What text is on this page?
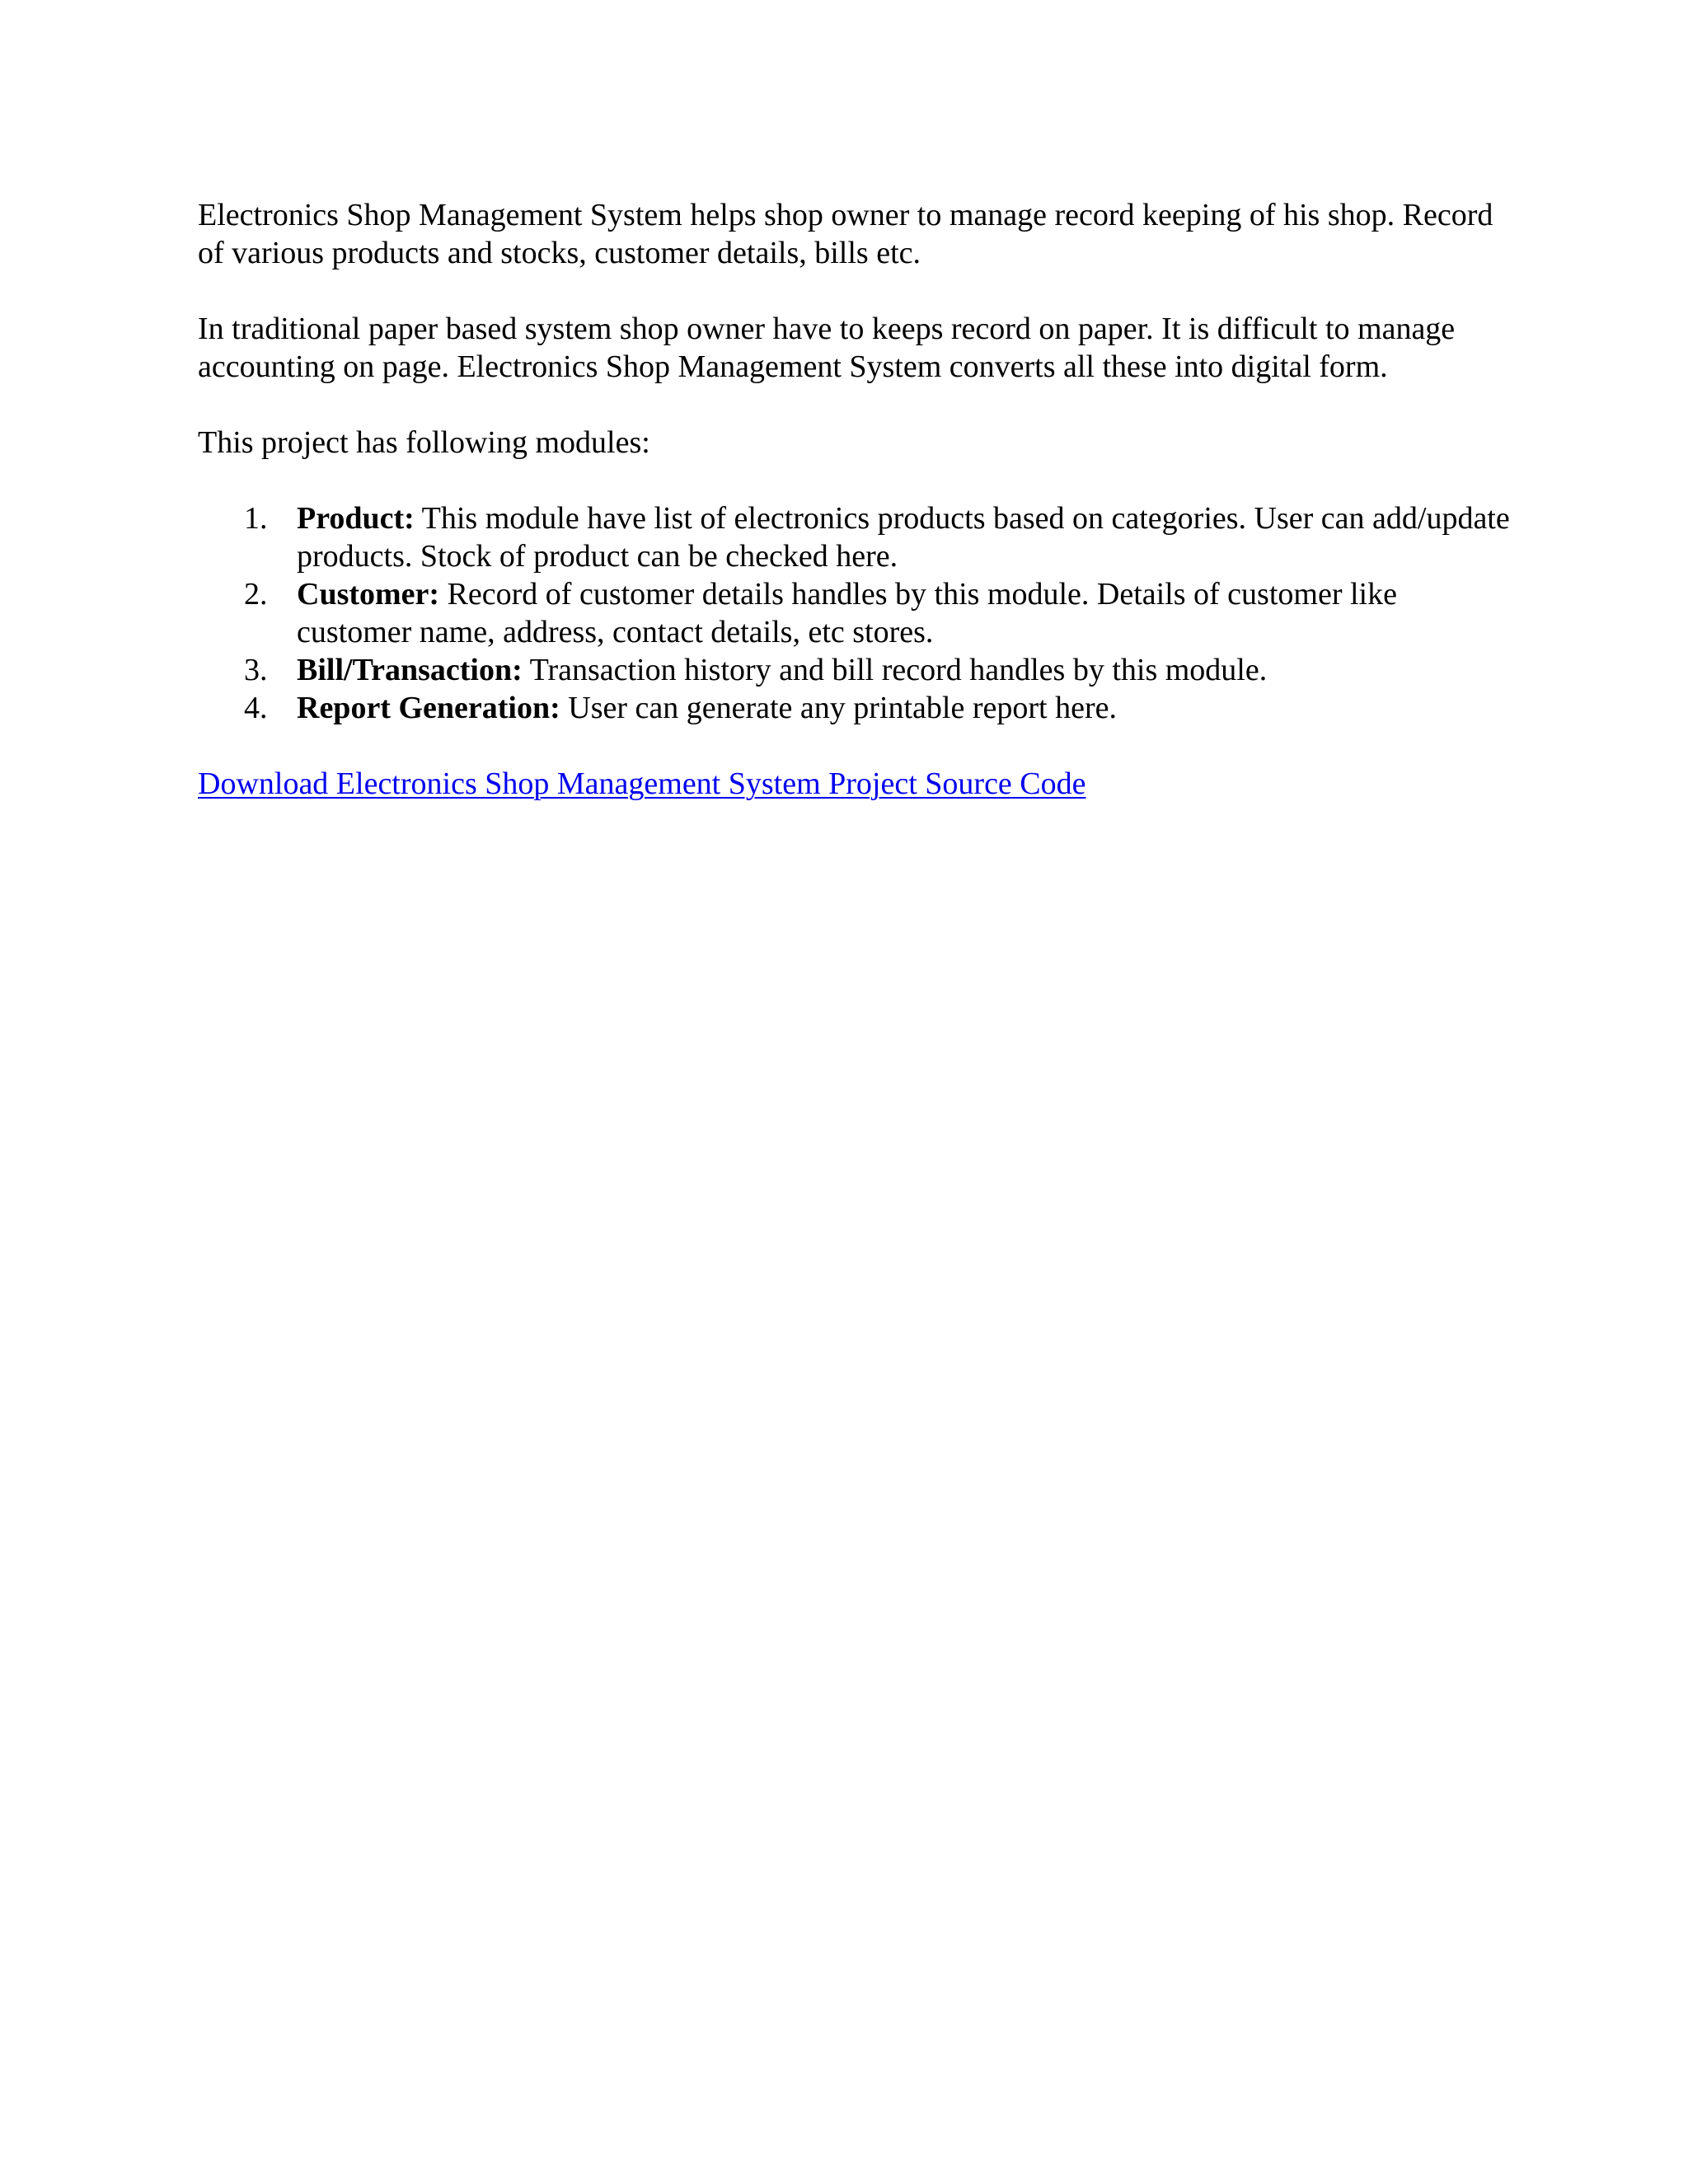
Electronics Shop Management System helps shop owner to manage record keeping of his shop. Record of various products and stocks, customer details, bills etc.

In traditional paper based system shop owner have to keeps record on paper. It is difficult to manage accounting on page. Electronics Shop Management System converts all these into digital form.

This project has following modules:

1. Product: This module have list of electronics products based on categories. User can add/update products. Stock of product can be checked here.
2. Customer: Record of customer details handles by this module. Details of customer like customer name, address, contact details, etc stores.
3. Bill/Transaction: Transaction history and bill record handles by this module.
4. Report Generation: User can generate any printable report here.

Download Electronics Shop Management System Project Source Code
